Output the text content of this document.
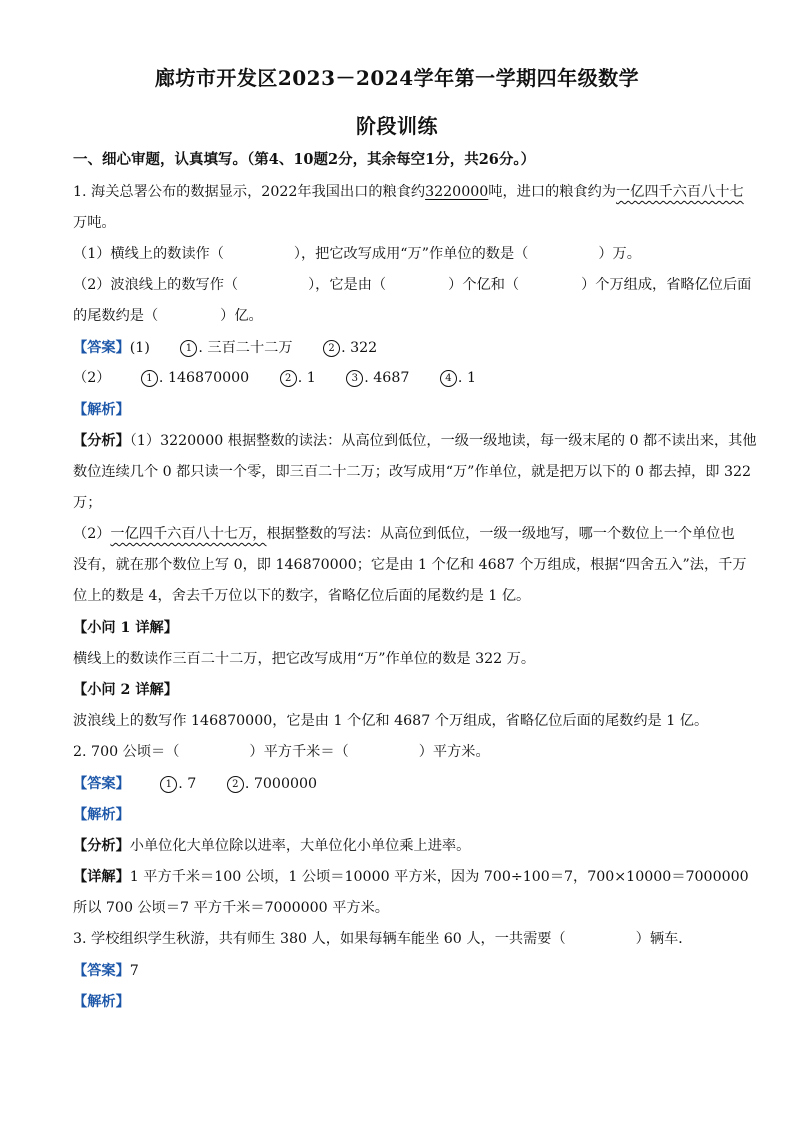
廊坊市开发区2023－2024学年第一学期四年级数学
阶段训练
一、细心审题，认真填写。（第4、10题2分，其余每空1分，共26分。）
1. 海关总署公布的数据显示，2022年我国出口的粮食约3220000吨，进口的粮食约为一亿四千六百八十七
万吨。
（1）横线上的数读作（	），把它改写成用“万”作单位的数是（	）万。
（2）波浪线上的数写作（	），它是由（	）个亿和（	）个万组成，省略亿位后面
的尾数约是（	）亿。
【答案】(1)	1 . 三百二十二万	2 . 322
（2）	1 . 146870000	2 . 1	3 . 4687	4 . 1
【解析】
【分析】（1）3220000 根据整数的读法：从高位到低位，一级一级地读，每一级末尾的 0 都不读出来，其他
数位连续几个 0 都只读一个零，即三百二十二万；改写成用“万”作单位，就是把万以下的 0 都去掉，即 322
万；
（2）一亿四千六百八十七万，根据整数的写法：从高位到低位，一级一级地写，哪一个数位上一个单位也
没有，就在那个数位上写 0，即 146870000；它是由 1 个亿和 4687 个万组成，根据“四舍五入”法，千万
位上的数是 4，舍去千万位以下的数字，省略亿位后面的尾数约是 1 亿。
【小问 1 详解】
横线上的数读作三百二十二万，把它改写成用“万”作单位的数是 322 万。
【小问 2 详解】
波浪线上的数写作 146870000，它是由 1 个亿和 4687 个万组成，省略亿位后面的尾数约是 1 亿。
2. 700 公顷＝（	）平方千米＝（	）平方米。
【答案】	1 . 7	2 . 7000000
【解析】
【分析】小单位化大单位除以进率，大单位化小单位乘上进率。
【详解】1 平方千米＝100 公顷，1 公顷＝10000 平方米，因为 700÷100＝7，700×10000＝7000000
所以 700 公顷＝7 平方千米＝7000000 平方米。
3. 学校组织学生秋游，共有师生 380 人，如果每辆车能坐 60 人，一共需要（	）辆车．
【答案】7
【解析】
